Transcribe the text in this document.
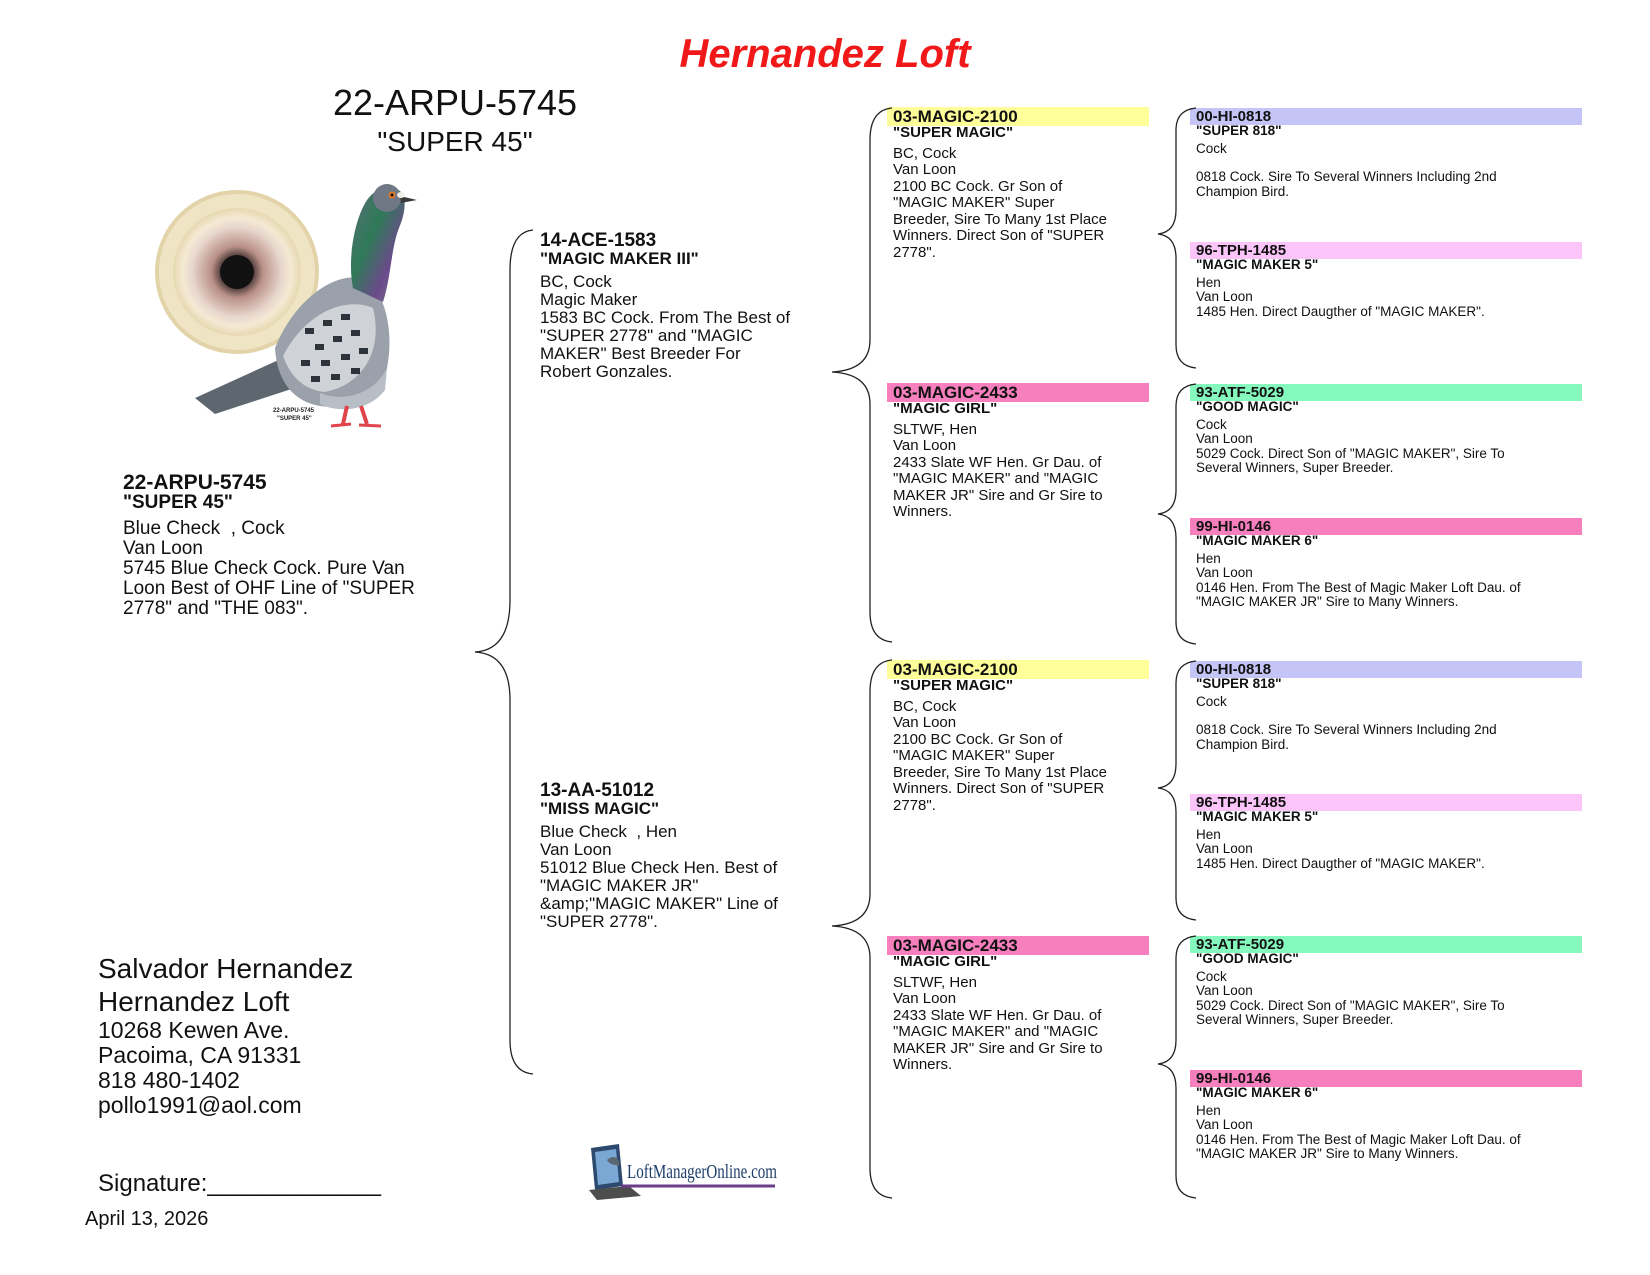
Hernandez Loft
22-ARPU-5745
"SUPER 45"
22-ARPU-5745
"SUPER 45"
22-ARPU-5745
"SUPER 45"
Blue Check  , Cock
Van Loon
5745 Blue Check Cock. Pure Van
Loon Best of OHF Line of "SUPER
2778" and "THE 083".
14-ACE-1583
"MAGIC MAKER III"
BC, Cock
Magic Maker
1583 BC Cock. From The Best of
"SUPER 2778" and "MAGIC
MAKER" Best Breeder For
Robert Gonzales.
13-AA-51012
"MISS MAGIC"
Blue Check  , Hen
Van Loon
51012 Blue Check Hen. Best of
"MAGIC MAKER JR"
&amp;"MAGIC MAKER" Line of
"SUPER 2778".
03-MAGIC-2100
"SUPER MAGIC"
BC, Cock
Van Loon
2100 BC Cock. Gr Son of
"MAGIC MAKER" Super
Breeder, Sire To Many 1st Place
Winners. Direct Son of "SUPER
2778".
03-MAGIC-2433
"MAGIC GIRL"
SLTWF, Hen
Van Loon
2433 Slate WF Hen. Gr Dau. of
"MAGIC MAKER" and "MAGIC
MAKER JR" Sire and Gr Sire to
Winners.
03-MAGIC-2100
"SUPER MAGIC"
BC, Cock
Van Loon
2100 BC Cock. Gr Son of
"MAGIC MAKER" Super
Breeder, Sire To Many 1st Place
Winners. Direct Son of "SUPER
2778".
03-MAGIC-2433
"MAGIC GIRL"
SLTWF, Hen
Van Loon
2433 Slate WF Hen. Gr Dau. of
"MAGIC MAKER" and "MAGIC
MAKER JR" Sire and Gr Sire to
Winners.
00-HI-0818
"SUPER 818"
Cock
0818 Cock. Sire To Several Winners Including 2nd
Champion Bird.
96-TPH-1485
"MAGIC MAKER 5"
Hen
Van Loon
1485 Hen. Direct Daugther of "MAGIC MAKER".
93-ATF-5029
"GOOD MAGIC"
Cock
Van Loon
5029 Cock. Direct Son of "MAGIC MAKER", Sire To
Several Winners, Super Breeder.
99-HI-0146
"MAGIC MAKER 6"
Hen
Van Loon
0146 Hen. From The Best of Magic Maker Loft Dau. of
"MAGIC MAKER JR" Sire to Many Winners.
00-HI-0818
"SUPER 818"
Cock
0818 Cock. Sire To Several Winners Including 2nd
Champion Bird.
96-TPH-1485
"MAGIC MAKER 5"
Hen
Van Loon
1485 Hen. Direct Daugther of "MAGIC MAKER".
93-ATF-5029
"GOOD MAGIC"
Cock
Van Loon
5029 Cock. Direct Son of "MAGIC MAKER", Sire To
Several Winners, Super Breeder.
99-HI-0146
"MAGIC MAKER 6"
Hen
Van Loon
0146 Hen. From The Best of Magic Maker Loft Dau. of
"MAGIC MAKER JR" Sire to Many Winners.
Salvador Hernandez
Hernandez Loft
10268 Kewen Ave.
Pacoima, CA 91331
818 480-1402
pollo1991@aol.com
Signature:_____________
April 13, 2026
LoftManagerOnline.com
